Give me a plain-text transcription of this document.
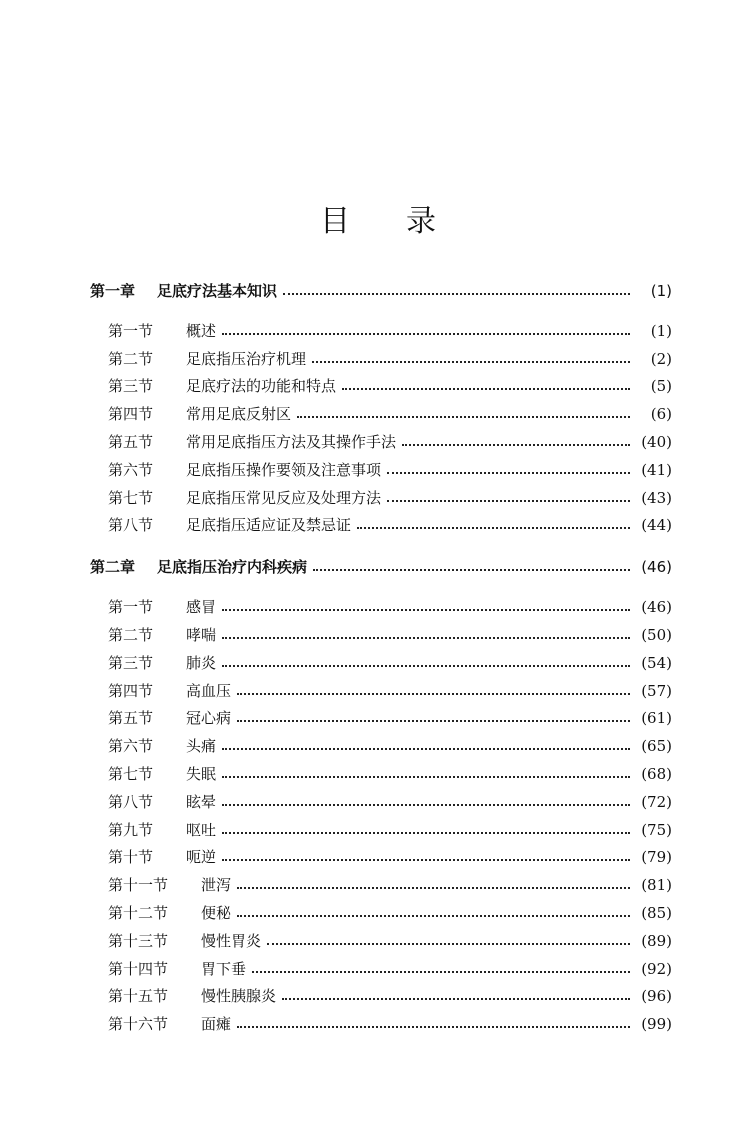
目录
第一章 足底疗法基本知识	(1)
第一节 概述	(1)
第二节 足底指压治疗机理	(2)
第三节 足底疗法的功能和特点	(5)
第四节 常用足底反射区	(6)
第五节 常用足底指压方法及其操作手法	(40)
第六节 足底指压操作要领及注意事项	(41)
第七节 足底指压常见反应及处理方法	(43)
第八节 足底指压适应证及禁忌证	(44)
第二章 足底指压治疗内科疾病	(46)
第一节 感冒	(46)
第二节 哮喘	(50)
第三节 肺炎	(54)
第四节 高血压	(57)
第五节 冠心病	(61)
第六节 头痛	(65)
第七节 失眠	(68)
第八节 眩晕	(72)
第九节 呕吐	(75)
第十节 呃逆	(79)
第十一节 泄泻	(81)
第十二节 便秘	(85)
第十三节 慢性胃炎	(89)
第十四节 胃下垂	(92)
第十五节 慢性胰腺炎	(96)
第十六节 面瘫	(99)
